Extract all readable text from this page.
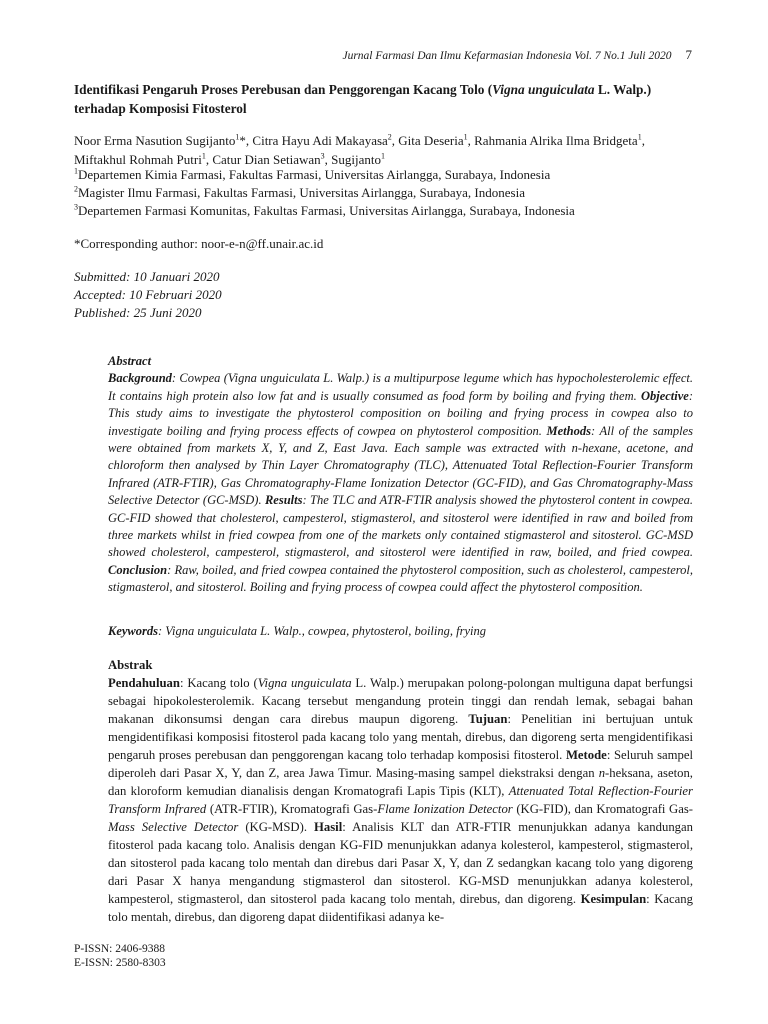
Jurnal Farmasi Dan Ilmu Kefarmasian Indonesia Vol. 7 No.1 Juli 2020 7
Identifikasi Pengaruh Proses Perebusan dan Penggorengan Kacang Tolo (Vigna unguiculata L. Walp.) terhadap Komposisi Fitosterol
Noor Erma Nasution Sugijanto$^1$*, Citra Hayu Adi Makayasa$^2$, Gita Deseria$^1$, Rahmania Alrika Ilma Bridgeta$^1$,
Miftakhul Rohmah Putri$^1$, Catur Dian Setiawan$^3$, Sugijanto$^1$
$^1$Departemen Kimia Farmasi, Fakultas Farmasi, Universitas Airlangga, Surabaya, Indonesia
$^2$Magister Ilmu Farmasi, Fakultas Farmasi, Universitas Airlangga, Surabaya, Indonesia
$^3$Departemen Farmasi Komunitas, Fakultas Farmasi, Universitas Airlangga, Surabaya, Indonesia
*Corresponding author: noor-e-n@ff.unair.ac.id
Submitted: 10 Januari 2020
Accepted: 10 Februari 2020
Published: 25 Juni 2020
Abstract
Background: Cowpea (Vigna unguiculata L. Walp.) is a multipurpose legume which has hypocholesterolemic effect. It contains high protein also low fat and is usually consumed as food form by boiling and frying them. Objective: This study aims to investigate the phytosterol composition on boiling and frying process in cowpea also to investigate boiling and frying process effects of cowpea on phytosterol composition. Methods: All of the samples were obtained from markets X, Y, and Z, East Java. Each sample was extracted with n-hexane, acetone, and chloroform then analysed by Thin Layer Chromatography (TLC), Attenuated Total Reflection-Fourier Transform Infrared (ATR-FTIR), Gas Chromatography-Flame Ionization Detector (GC-FID), and Gas Chromatography-Mass Selective Detector (GC-MSD). Results: The TLC and ATR-FTIR analysis showed the phytosterol content in cowpea. GC-FID showed that cholesterol, campesterol, stigmasterol, and sitosterol were identified in raw and boiled from three markets whilst in fried cowpea from one of the markets only contained stigmasterol and sitosterol. GC-MSD showed cholesterol, campesterol, stigmasterol, and sitosterol were identified in raw, boiled, and fried cowpea. Conclusion: Raw, boiled, and fried cowpea contained the phytosterol composition, such as cholesterol, campesterol, stigmasterol, and sitosterol. Boiling and frying process of cowpea could affect the phytosterol composition.
Keywords: Vigna unguiculata L. Walp., cowpea, phytosterol, boiling, frying
Abstrak
Pendahuluan: Kacang tolo (Vigna unguiculata L. Walp.) merupakan polong-polongan multiguna dapat berfungsi sebagai hipokolesterolemik. Kacang tersebut mengandung protein tinggi dan rendah lemak, sebagai bahan makanan dikonsumsi dengan cara direbus maupun digoreng. Tujuan: Penelitian ini bertujuan untuk mengidentifikasi komposisi fitosterol pada kacang tolo yang mentah, direbus, dan digoreng serta mengidentifikasi pengaruh proses perebusan dan penggorengan kacang tolo terhadap komposisi fitosterol. Metode: Seluruh sampel diperoleh dari Pasar X, Y, dan Z, area Jawa Timur. Masing-masing sampel diekstraksi dengan n-heksana, aseton, dan kloroform kemudian dianalisis dengan Kromatografi Lapis Tipis (KLT), Attenuated Total Reflection-Fourier Transform Infrared (ATR-FTIR), Kromatografi Gas-Flame Ionization Detector (KG-FID), dan Kromatografi Gas-Mass Selective Detector (KG-MSD). Hasil: Analisis KLT dan ATR-FTIR menunjukkan adanya kandungan fitosterol pada kacang tolo. Analisis dengan KG-FID menunjukkan adanya kolesterol, kampesterol, stigmasterol, dan sitosterol pada kacang tolo mentah dan direbus dari Pasar X, Y, dan Z sedangkan kacang tolo yang digoreng dari Pasar X hanya mengandung stigmasterol dan sitosterol. KG-MSD menunjukkan adanya kolesterol, kampesterol, stigmasterol, dan sitosterol pada kacang tolo mentah, direbus, dan digoreng. Kesimpulan: Kacang tolo mentah, direbus, dan digoreng dapat diidentifikasi adanya ke-
P-ISSN: 2406-9388
E-ISSN: 2580-8303
